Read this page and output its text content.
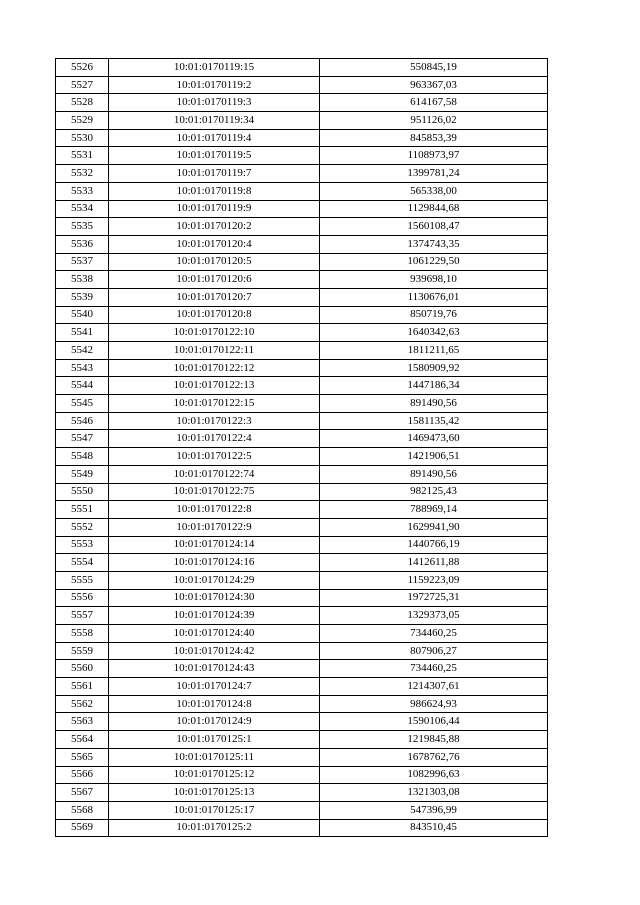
5526	10:01:0170119:15	550845,19
5527	10:01:0170119:2	963367,03
5528	10:01:0170119:3	614167,58
5529	10:01:0170119:34	951126,02
5530	10:01:0170119:4	845853,39
5531	10:01:0170119:5	1108973,97
5532	10:01:0170119:7	1399781,24
5533	10:01:0170119:8	565338,00
5534	10:01:0170119:9	1129844,68
5535	10:01:0170120:2	1560108,47
5536	10:01:0170120:4	1374743,35
5537	10:01:0170120:5	1061229,50
5538	10:01:0170120:6	939698,10
5539	10:01:0170120:7	1130676,01
5540	10:01:0170120:8	850719,76
5541	10:01:0170122:10	1640342,63
5542	10:01:0170122:11	1811211,65
5543	10:01:0170122:12	1580909,92
5544	10:01:0170122:13	1447186,34
5545	10:01:0170122:15	891490,56
5546	10:01:0170122:3	1581135,42
5547	10:01:0170122:4	1469473,60
5548	10:01:0170122:5	1421906,51
5549	10:01:0170122:74	891490,56
5550	10:01:0170122:75	982125,43
5551	10:01:0170122:8	788969,14
5552	10:01:0170122:9	1629941,90
5553	10:01:0170124:14	1440766,19
5554	10:01:0170124:16	1412611,88
5555	10:01:0170124:29	1159223,09
5556	10:01:0170124:30	1972725,31
5557	10:01:0170124:39	1329373,05
5558	10:01:0170124:40	734460,25
5559	10:01:0170124:42	807906,27
5560	10:01:0170124:43	734460,25
5561	10:01:0170124:7	1214307,61
5562	10:01:0170124:8	986624,93
5563	10:01:0170124:9	1590106,44
5564	10:01:0170125:1	1219845,88
5565	10:01:0170125:11	1678762,76
5566	10:01:0170125:12	1082996,63
5567	10:01:0170125:13	1321303,08
5568	10:01:0170125:17	547396,99
5569	10:01:0170125:2	843510,45
